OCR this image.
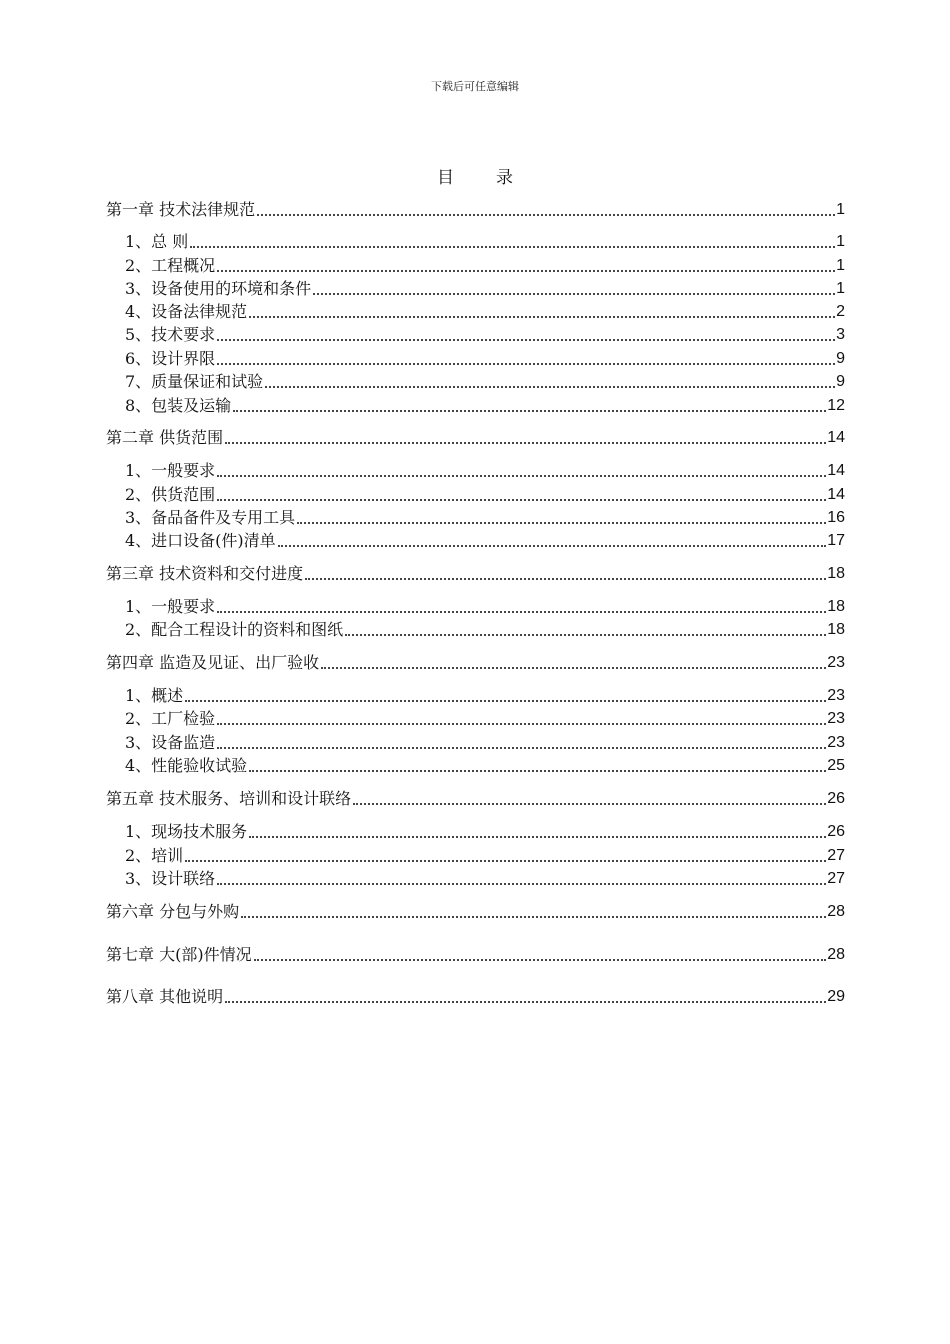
下载后可任意编辑
目 录
第一章 技术法律规范	1
1、总 则	1
2、工程概况	1
3、设备使用的环境和条件	1
4、设备法律规范	2
5、技术要求	3
6、设计界限	9
7、质量保证和试验	9
8、包装及运输	12
第二章 供货范围	14
1、一般要求	14
2、供货范围	14
3、备品备件及专用工具	16
4、进口设备(件)清单	17
第三章 技术资料和交付进度	18
1、一般要求	18
2、配合工程设计的资料和图纸	18
第四章 监造及见证、出厂验收	23
1、概述	23
2、工厂检验	23
3、设备监造	23
4、性能验收试验	25
第五章 技术服务、培训和设计联络	26
1、现场技术服务	26
2、培训	27
3、设计联络	27
第六章 分包与外购	28
第七章 大(部)件情况	28
第八章 其他说明	29
